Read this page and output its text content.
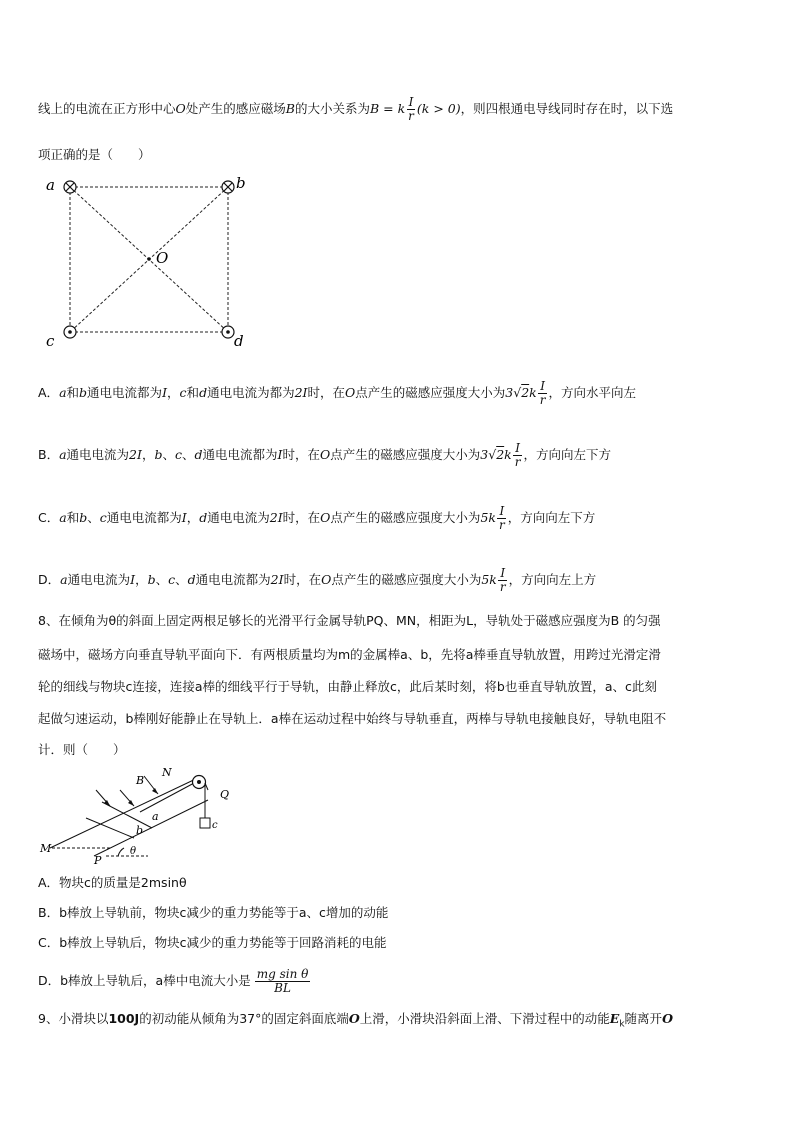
线上的电流在正方形中心O处产生的感应磁场B的大小关系为B = k $\frac{I}{r} (k > 0)$，则四根通电导线同时存在时，以下选
项正确的是（　　）
a	b
c	d
O
A．a和b通电电流都为I，c和d通电电流为都为2I时，在O点产生的磁感应强度大小为$3√2k \frac{I}{r}$ ，方向水平向左
B．a通电电流为2I，b、c、d通电电流都为I时，在O点产生的磁感应强度大小为$3√2k \frac{I}{r}$ ，方向向左下方
C．a和b、c通电电流都为I，d通电电流为2I时，在O点产生的磁感应强度大小为$5k \frac{I}{r}$ ，方向向左下方
D．a通电电流为I，b、c、d通电电流都为2I时，在O点产生的磁感应强度大小为$5k \frac{I}{r}$ ，方向向左上方
8、在倾角为θ的斜面上固定两根足够长的光滑平行金属导轨PQ、MN，相距为L，导轨处于磁感应强度为B 的匀强
磁场中，磁场方向垂直导轨平面向下．有两根质量均为m的金属棒a、b，先将a棒垂直导轨放置，用跨过光滑定滑
轮的细线与物块c连接，连接a棒的细线平行于导轨，由静止释放c，此后某时刻，将b也垂直导轨放置，a、c此刻
起做匀速运动，b棒刚好能静止在导轨上．a棒在运动过程中始终与导轨垂直，两棒与导轨电接触良好，导轨电阻不
计．则（　　）
B
N
Q
c
a
b
M
P
θ
A．物块c的质量是2msinθ
B．b棒放上导轨前，物块c减少的重力势能等于a、c增加的动能
C．b棒放上导轨后，物块c减少的重力势能等于回路消耗的电能
D．b棒放上导轨后，a棒中电流大小是 $\frac{\text{mg sin θ}}{BL}$
9、小滑块以100J的初动能从倾角为37°的固定斜面底端O上滑，小滑块沿斜面上滑、下滑过程中的动能$E_k$随离开O
